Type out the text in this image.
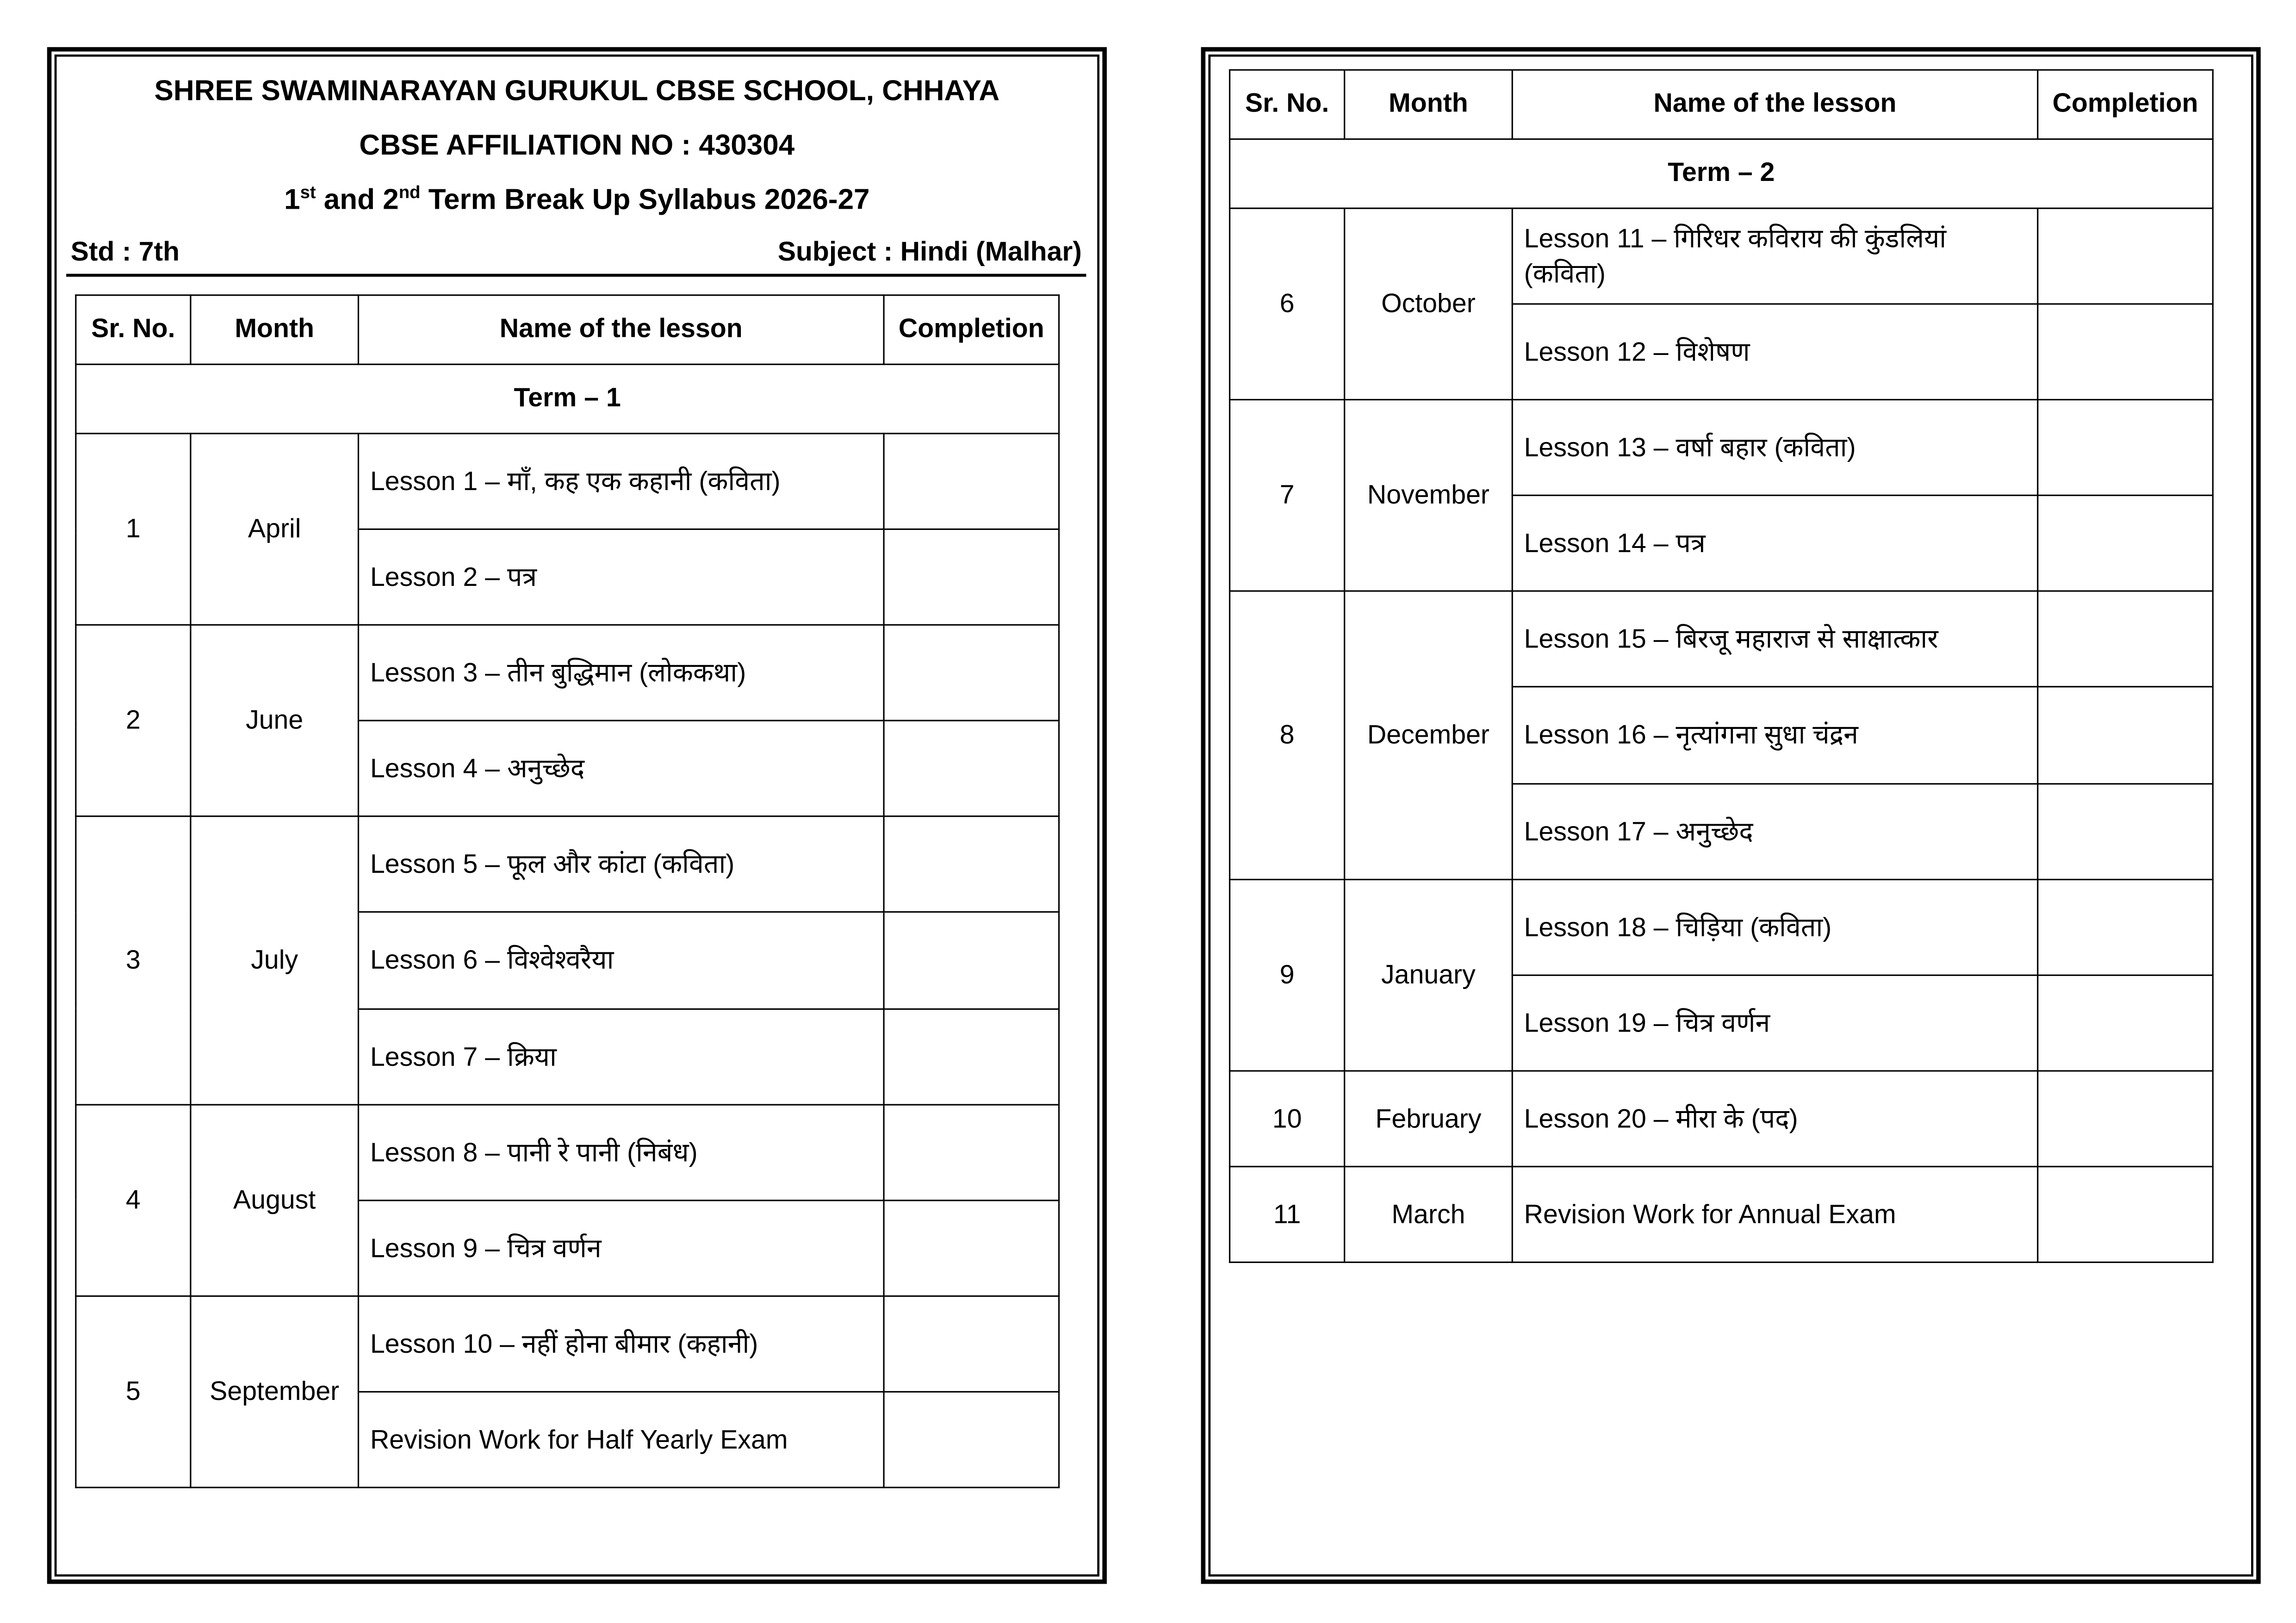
SHREE SWAMINARAYAN GURUKUL CBSE SCHOOL, CHHAYA
CBSE AFFILIATION NO : 430304
1st and 2nd Term Break Up Syllabus 2026-27
Std : 7th	Subject : Hindi (Malhar)
Sr. No.	Month	Name of the lesson	Completion
Term – 1			
1	April	Lesson 1 – माँ, कह एक कहानी (कविता)	
		Lesson 2 – पत्र	
2	June	Lesson 3 – तीन बुद्धिमान (लोककथा)	
		Lesson 4 – अनुच्छेद	
3	July	Lesson 5 – फूल और कांटा (कविता)	
		Lesson 6 – विश्वेश्वरैया	
		Lesson 7 – क्रिया	
4	August	Lesson 8 – पानी रे पानी (निबंध)	
		Lesson 9 – चित्र वर्णन	
5	September	Lesson 10 – नहीं होना बीमार (कहानी)	
		Revision Work for Half Yearly Exam	
Sr. No.	Month	Name of the lesson	Completion
Term – 2			
6	October	Lesson 11 – गिरिधर कविराय की कुंडलियां (कविता)	
		Lesson 12 – विशेषण	
7	November	Lesson 13 – वर्षा बहार (कविता)	
		Lesson 14 – पत्र	
8	December	Lesson 15 – बिरजू महाराज से साक्षात्कार	
		Lesson 16 – नृत्यांगना सुधा चंद्रन	
		Lesson 17 – अनुच्छेद	
9	January	Lesson 18 – चिड़िया (कविता)	
		Lesson 19 – चित्र वर्णन	
10	February	Lesson 20 – मीरा के (पद)	
11	March	Revision Work for Annual Exam	
